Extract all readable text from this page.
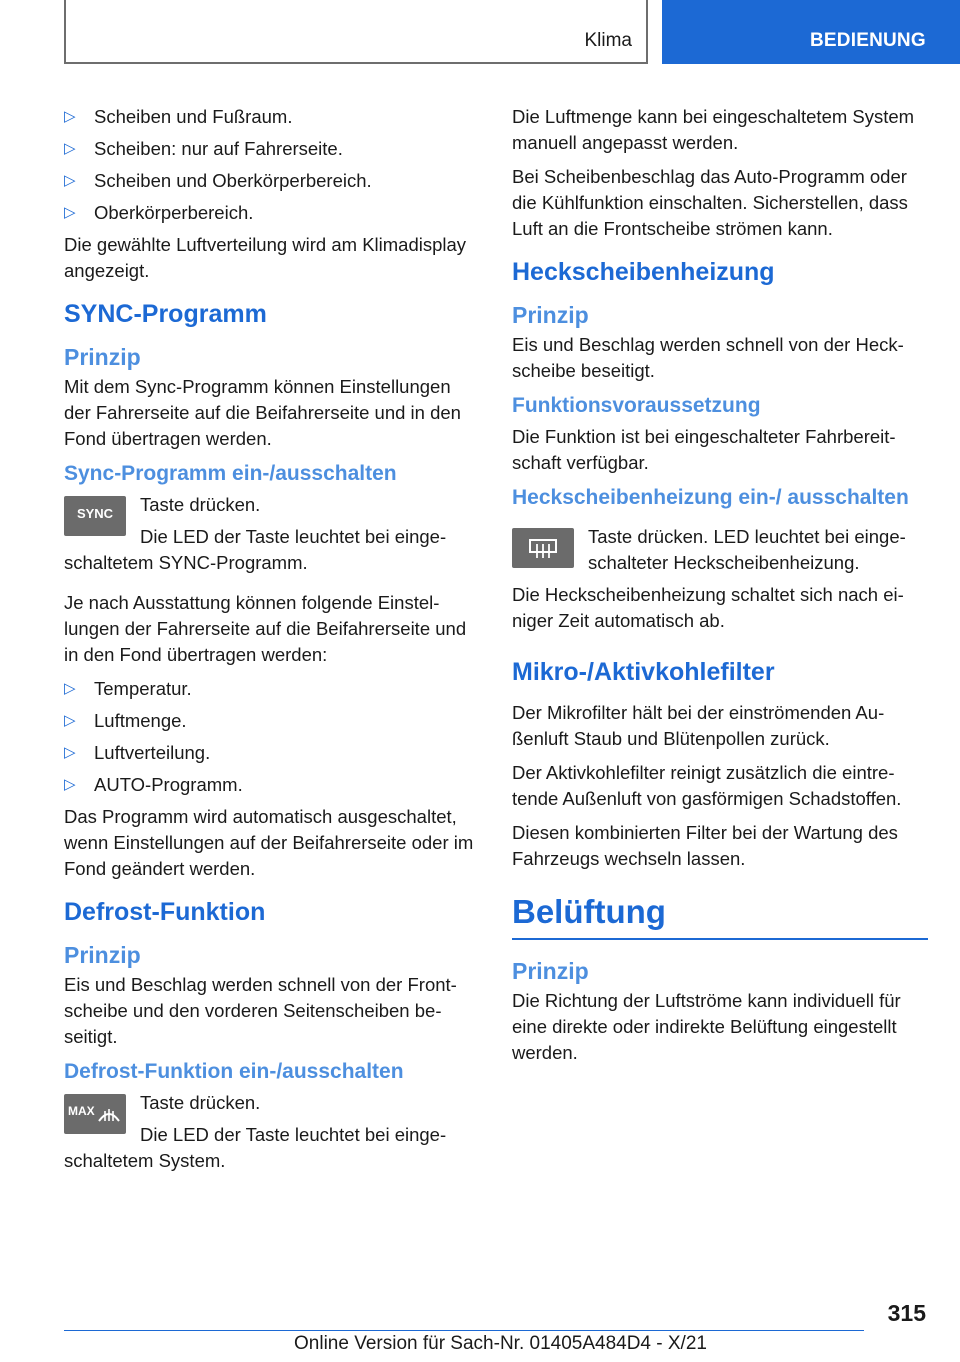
Klima	BEDIENUNG
▷ Scheiben und Fußraum.
▷ Scheiben: nur auf Fahrerseite.
▷ Scheiben und Oberkörperbereich.
▷ Oberkörperbereich.

Die gewählte Luftverteilung wird am Klimadisplay angezeigt.

SYNC-Programm
Prinzip

Mit dem Sync-Programm können Einstellungen der Fahrerseite auf die Beifahrerseite und in den Fond übertragen werden.

Sync-Programm ein-/ausschalten
SYNC	Taste drücken.

Die LED der Taste leuchtet bei eingeschaltetem SYNC-Programm.

Je nach Ausstattung können folgende Einstellungen der Fahrerseite auf die Beifahrerseite und in den Fond übertragen werden:

▷ Temperatur.
▷ Luftmenge.
▷ Luftverteilung.
▷ AUTO-Programm.

Das Programm wird automatisch ausgeschaltet, wenn Einstellungen auf der Beifahrerseite oder im Fond geändert werden.

Defrost-Funktion
Prinzip

Eis und Beschlag werden schnell von der Frontscheibe und den vorderen Seitenscheiben beseitigt.

Defrost-Funktion ein-/ausschalten
MAX	Taste drücken.

Die LED der Taste leuchtet bei eingeschaltetem System.

Die Luftmenge kann bei eingeschaltetem System manuell angepasst werden.

Bei Scheibenbeschlag das Auto-Programm oder die Kühlfunktion einschalten. Sicherstellen, dass Luft an die Frontscheibe strömen kann.

Heckscheibenheizung
Prinzip

Eis und Beschlag werden schnell von der Heckscheibe beseitigt.

Funktionsvoraussetzung

Die Funktion ist bei eingeschalteter Fahrbereitschaft verfügbar.

Heckscheibenheizung ein-/ ausschalten

Taste drücken. LED leuchtet bei eingeschalteter Heckscheibenheizung.

Die Heckscheibenheizung schaltet sich nach einiger Zeit automatisch ab.

Mikro-/Aktivkohlefilter

Der Mikrofilter hält bei der einströmenden Außenluft Staub und Blütenpollen zurück.

Der Aktivkohlefilter reinigt zusätzlich die eintretende Außenluft von gasförmigen Schadstoffen.

Diesen kombinierten Filter bei der Wartung des Fahrzeugs wechseln lassen.

Belüftung
Prinzip

Die Richtung der Luftströme kann individuell für eine direkte oder indirekte Belüftung eingestellt werden.

315
Online Version für Sach-Nr. 01405A484D4 - X/21
